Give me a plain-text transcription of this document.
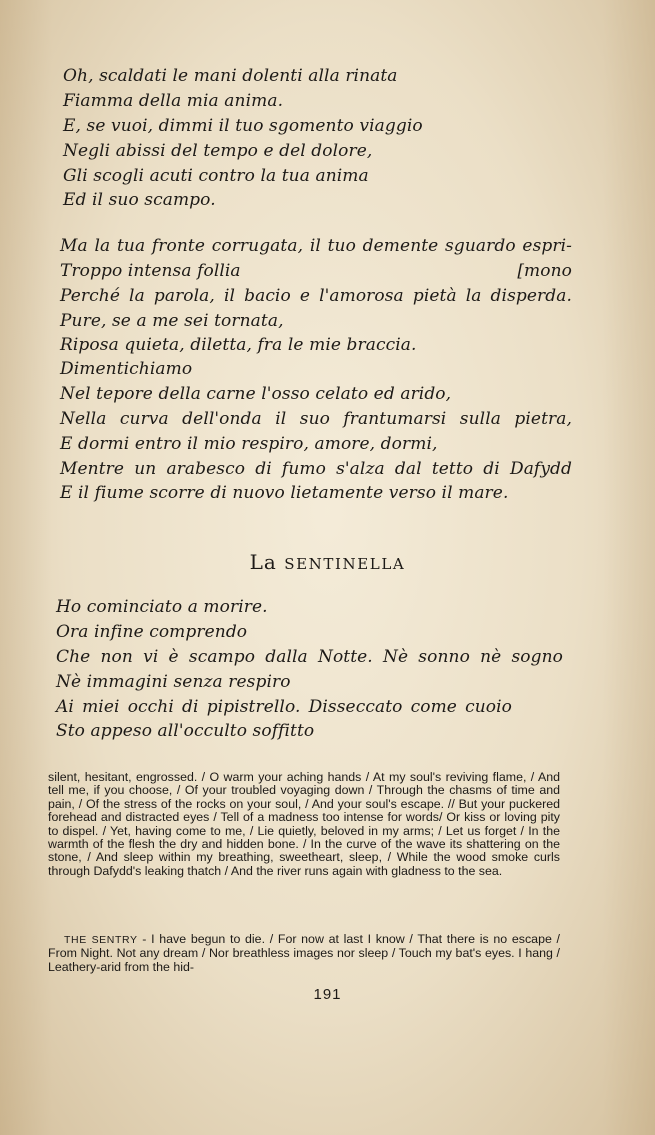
Oh, scaldati le mani dolenti alla rinata
Fiamma della mia anima.
E, se vuoi, dimmi il tuo sgomento viaggio
Negli abissi del tempo e del dolore,
Gli scogli acuti contro la tua anima
Ed il suo scampo.
Ma la tua fronte corrugata, il tuo demente sguardo espri-
Troppo intensa follia	[mono
Perché la parola, il bacio e l'amorosa pietà la disperda.
Pure, se a me sei tornata,
Riposa quieta, diletta, fra le mie braccia.
Dimentichiamo
Nel tepore della carne l'osso celato ed arido,
Nella curva dell'onda il suo frantumarsi sulla pietra,
E dormi entro il mio respiro, amore, dormi,
Mentre un arabesco di fumo s'alza dal tetto di Dafydd
E il fiume scorre di nuovo lietamente verso il mare.
La SENTINELLA
Ho cominciato a morire.
Ora infine comprendo
Che non vi è scampo dalla Notte. Nè sonno nè sogno
Nè immagini senza respiro
Ai miei occhi di pipistrello. Disseccato come cuoio
Sto appeso all'occulto soffitto

silent, hesitant, engrossed. / O warm your aching hands / At my soul's reviving flame, / And tell me, if you choose, / Of your troubled voyaging down / Through the chasms of time and pain, / Of the stress of the rocks on your soul, / And your soul's escape. // But your puckered forehead and distracted eyes / Tell of a madness too intense for words/ Or kiss or loving pity to dispel. / Yet, having come to me, / Lie quietly, beloved in my arms; / Let us forget / In the warmth of the flesh the dry and hidden bone. / In the curve of the wave its shattering on the stone, / And sleep within my breathing, sweetheart, sleep, / While the wood smoke curls through Dafydd's leaking thatch / And the river runs again with gladness to the sea.

THE SENTRY - I have begun to die. / For now at last I know / That there is no escape / From Night. Not any dream / Nor breathless images nor sleep / Touch my bat's eyes. I hang / Leathery-arid from the hid-

191
